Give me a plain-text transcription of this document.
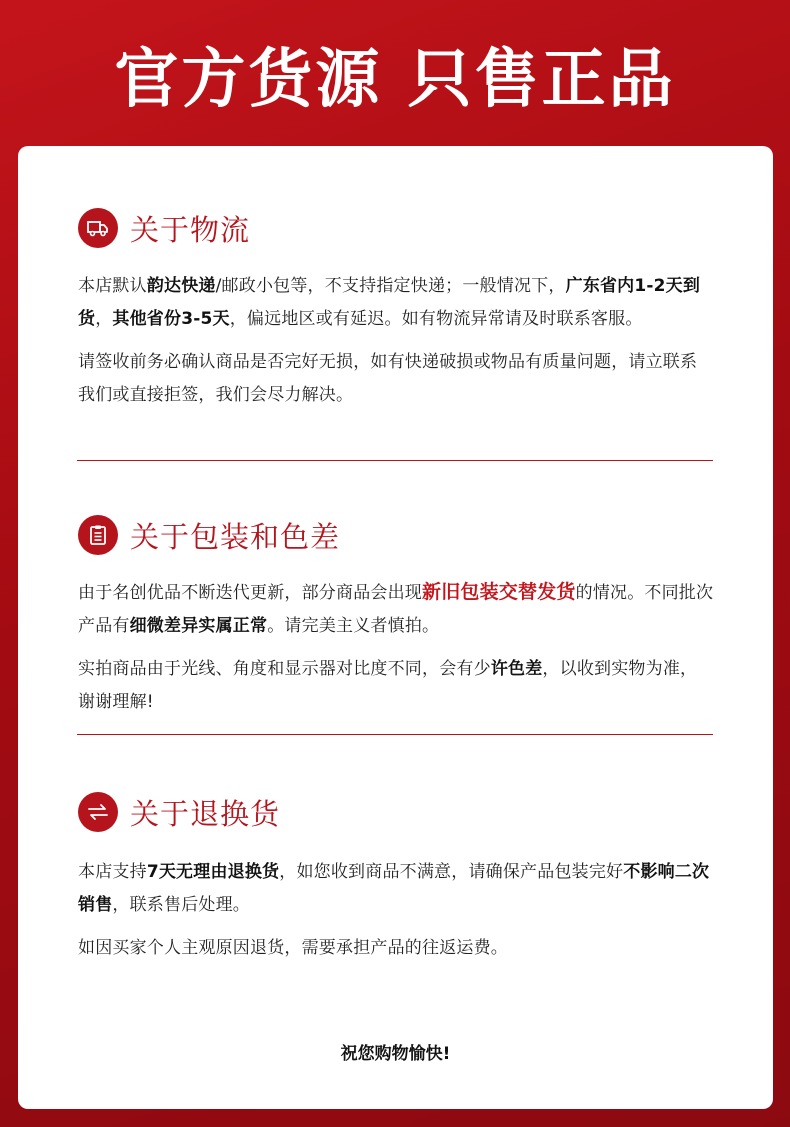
官方货源 只售正品
关于物流

本店默认韵达快递/邮政小包等，不支持指定快递；一般情况下，广东省内1-2天到货，其他省份3-5天，偏远地区或有延迟。如有物流异常请及时联系客服。

请签收前务必确认商品是否完好无损，如有快递破损或物品有质量问题，请立联系我们或直接拒签，我们会尽力解决。

关于包装和色差

由于名创优品不断迭代更新，部分商品会出现新旧包装交替发货的情况。不同批次产品有细微差异实属正常。请完美主义者慎拍。

实拍商品由于光线、角度和显示器对比度不同，会有少许色差，以收到实物为准，谢谢理解!

关于退换货

本店支持7天无理由退换货，如您收到商品不满意，请确保产品包装完好不影响二次销售，联系售后处理。

如因买家个人主观原因退货，需要承担产品的往返运费。

祝您购物愉快!
